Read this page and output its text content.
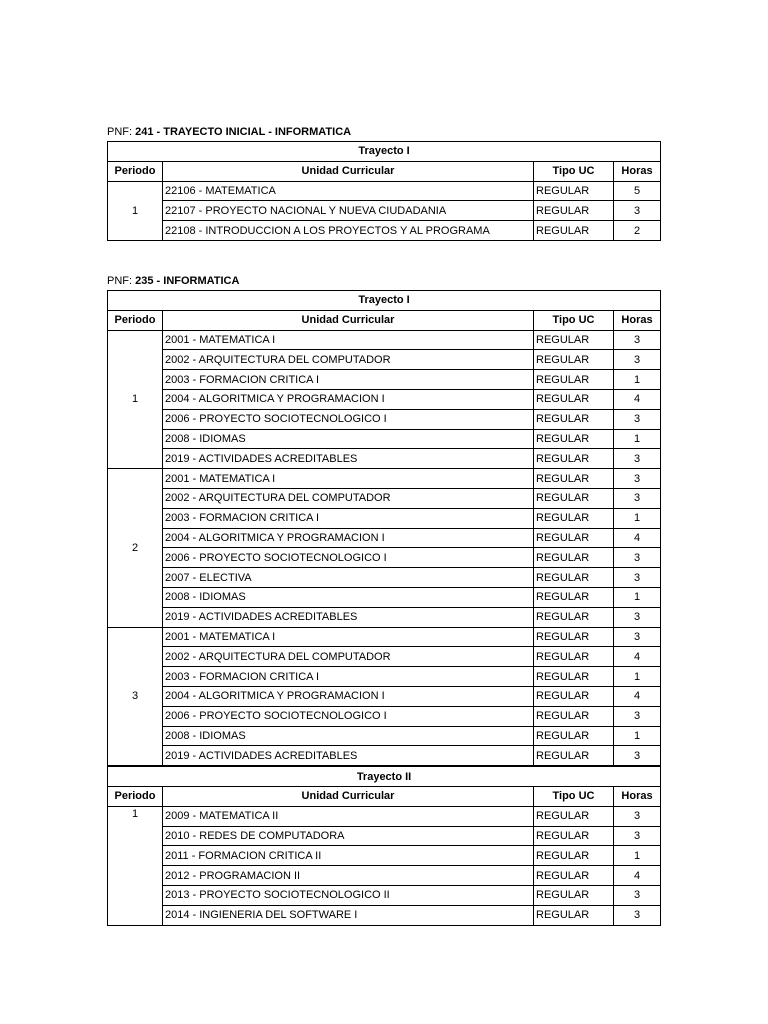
PNF: 241 - TRAYECTO INICIAL - INFORMATICA
Trayecto I			
Periodo	Unidad Curricular	Tipo UC	Horas
1	22106 - MATEMATICA	REGULAR	5
	22107 - PROYECTO NACIONAL Y NUEVA CIUDADANIA	REGULAR	3
	22108 - INTRODUCCION A LOS PROYECTOS Y AL PROGRAMA	REGULAR	2
PNF: 235 - INFORMATICA
Trayecto I			
Periodo	Unidad Curricular	Tipo UC	Horas
1	2001 - MATEMATICA I	REGULAR	3
	2002 - ARQUITECTURA DEL COMPUTADOR	REGULAR	3
	2003 - FORMACION CRITICA I	REGULAR	1
	2004 - ALGORITMICA Y PROGRAMACION I	REGULAR	4
	2006 - PROYECTO SOCIOTECNOLOGICO I	REGULAR	3
	2008 - IDIOMAS	REGULAR	1
	2019 - ACTIVIDADES ACREDITABLES	REGULAR	3
2	2001 - MATEMATICA I	REGULAR	3
	2002 - ARQUITECTURA DEL COMPUTADOR	REGULAR	3
	2003 - FORMACION CRITICA I	REGULAR	1
	2004 - ALGORITMICA Y PROGRAMACION I	REGULAR	4
	2006 - PROYECTO SOCIOTECNOLOGICO I	REGULAR	3
	2007 - ELECTIVA	REGULAR	3
	2008 - IDIOMAS	REGULAR	1
	2019 - ACTIVIDADES ACREDITABLES	REGULAR	3
3	2001 - MATEMATICA I	REGULAR	3
	2002 - ARQUITECTURA DEL COMPUTADOR	REGULAR	4
	2003 - FORMACION CRITICA I	REGULAR	1
	2004 - ALGORITMICA Y PROGRAMACION I	REGULAR	4
	2006 - PROYECTO SOCIOTECNOLOGICO I	REGULAR	3
	2008 - IDIOMAS	REGULAR	1
	2019 - ACTIVIDADES ACREDITABLES	REGULAR	3
Trayecto II			
Periodo	Unidad Curricular	Tipo UC	Horas
1	2009 - MATEMATICA II	REGULAR	3
	2010 - REDES DE COMPUTADORA	REGULAR	3
	2011 - FORMACION CRITICA II	REGULAR	1
	2012 - PROGRAMACION II	REGULAR	4
	2013 - PROYECTO SOCIOTECNOLOGICO II	REGULAR	3
	2014 - INGIENERIA DEL SOFTWARE I	REGULAR	3
